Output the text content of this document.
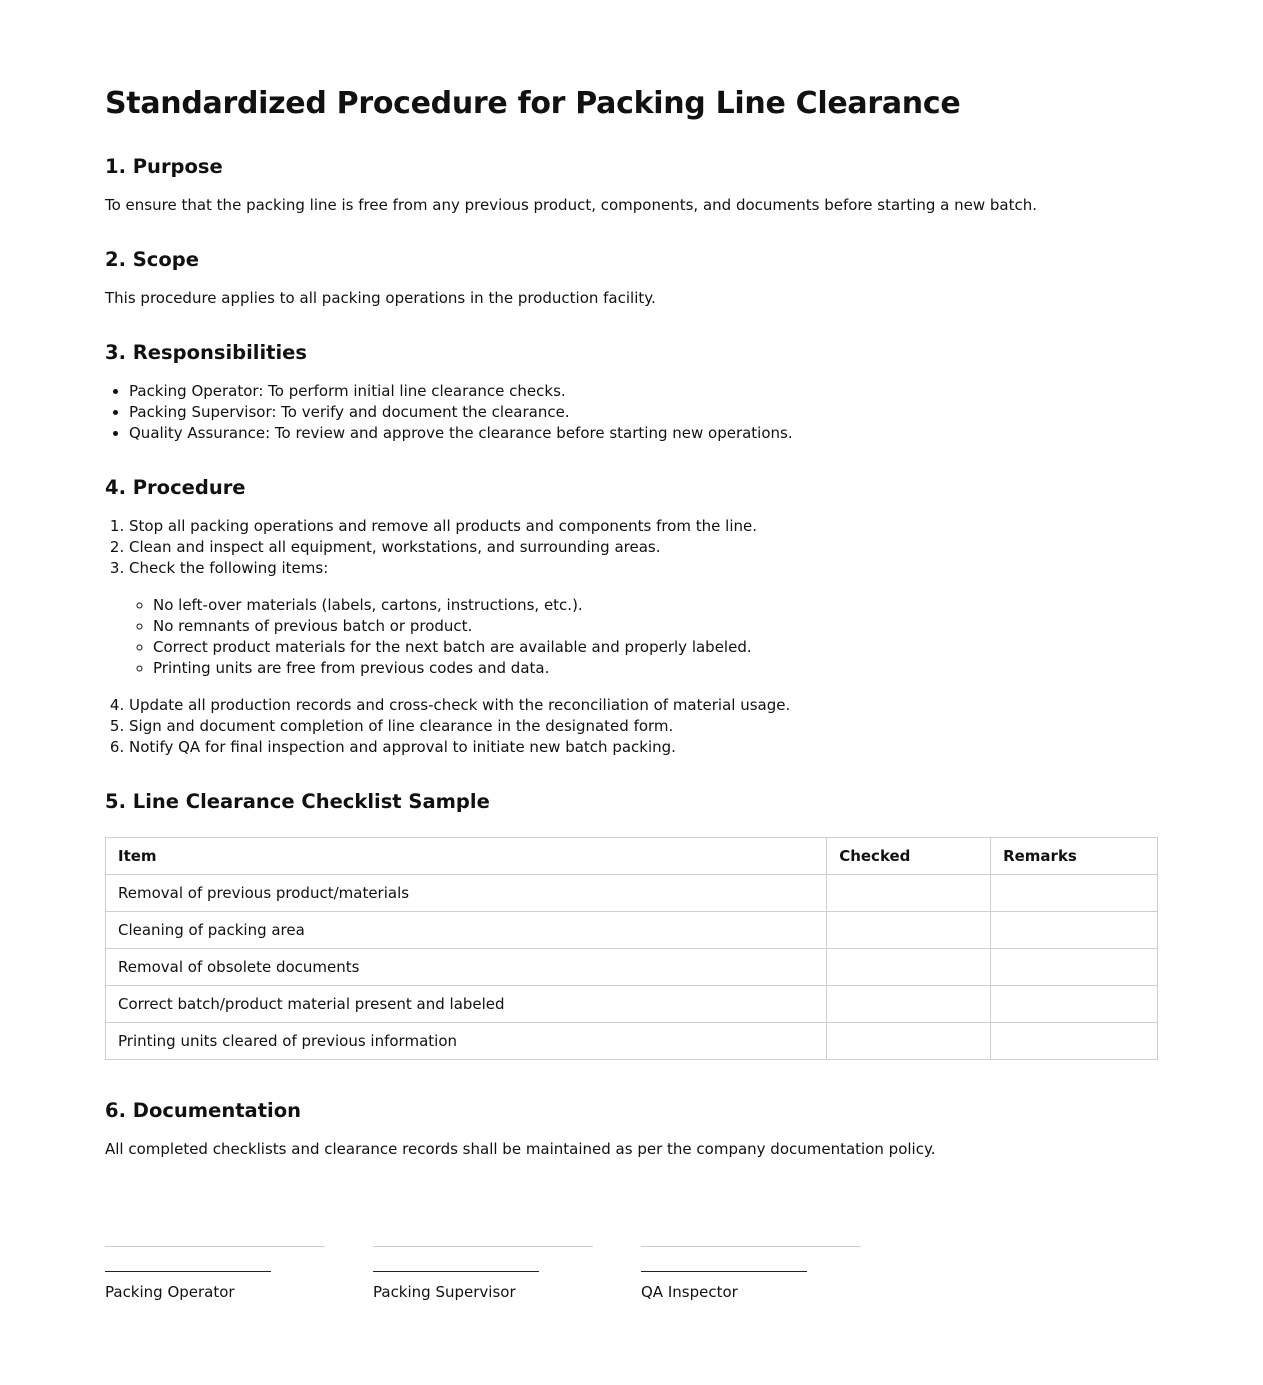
Standardized Procedure for Packing Line Clearance
1. Purpose

To ensure that the packing line is free from any previous product, components, and documents before starting a new batch.

2. Scope

This procedure applies to all packing operations in the production facility.

3. Responsibilities
• Packing Operator: To perform initial line clearance checks.
• Packing Supervisor: To verify and document the clearance.
• Quality Assurance: To review and approve the clearance before starting new operations.
4. Procedure
1. Stop all packing operations and remove all products and components from the line.
2. Clean and inspect all equipment, workstations, and surrounding areas.
3. Check the following items:
◦ No left-over materials (labels, cartons, instructions, etc.).
◦ No remnants of previous batch or product.
◦ Correct product materials for the next batch are available and properly labeled.
◦ Printing units are free from previous codes and data.
4. Update all production records and cross-check with the reconciliation of material usage.
5. Sign and document completion of line clearance in the designated form.
6. Notify QA for final inspection and approval to initiate new batch packing.
5. Line Clearance Checklist Sample
Item	Checked	Remarks
Removal of previous product/materials		
Cleaning of packing area		
Removal of obsolete documents		
Correct batch/product material present and labeled		
Printing units cleared of previous information		
6. Documentation

All completed checklists and clearance records shall be maintained as per the company documentation policy.

Packing Operator	Packing Supervisor	QA Inspector
